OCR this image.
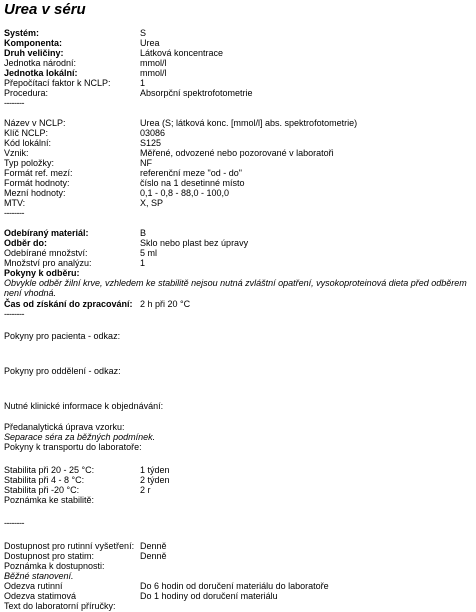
Urea v séru
Systém:	S
Komponenta:	Urea
Druh veličiny:	Látková koncentrace
Jednotka národní:	mmol/l
Jednotka lokální:	mmol/l
Přepočítací faktor k NCLP:	1
Procedura:	Absorpční spektrofotometrie
--------
Název v NCLP:	Urea (S; látková konc. [mmol/l] abs. spektrofotometrie)
Klíč NCLP:	03086
Kód lokální:	S125
Vznik:	Měřené, odvozené nebo pozorované v laboratoři
Typ položky:	NF
Formát ref. mezí:	referenční meze "od - do"
Formát hodnoty:	číslo na 1 desetinné místo
Mezní hodnoty:	0,1 - 0,8 - 88,0 - 100,0
MTV:	X, SP
--------
Odebíraný materiál:	B
Odběr do:	Sklo nebo plast bez úpravy
Odebírané množství:	5 ml
Množství pro analýzu:	1
Pokyny k odběru:
Obvykle odběr žilní krve, vzhledem ke stabilitě nejsou nutná zvláštní opatření, vysokoproteinová dieta před odběrem není vhodná.
Čas od získání do zpracování: 2 h při 20 °C
--------
Pokyny pro pacienta - odkaz:
Pokyny pro oddělení - odkaz:
Nutné klinické informace k objednávání:
Předanalytická úprava vzorku:
Separace séra za běžných podmínek.
Pokyny k transportu do laboratoře:
Stabilita při 20 - 25 °C:	1 týden
Stabilita při 4 - 8 °C:	2 týden
Stabilita při -20 °C:	2 r
Poznámka ke stabilitě:
--------
Dostupnost pro rutinní vyšetření: Denně
Dostupnost pro statim:	Denně
Poznámka k dostupnosti:
Běžné stanovení.
Odezva rutinní	Do 6 hodin od doručení materiálu do laboratoře
Odezva statimová	Do 1 hodiny od doručení materiálu
Text do laboratorní příručky:
